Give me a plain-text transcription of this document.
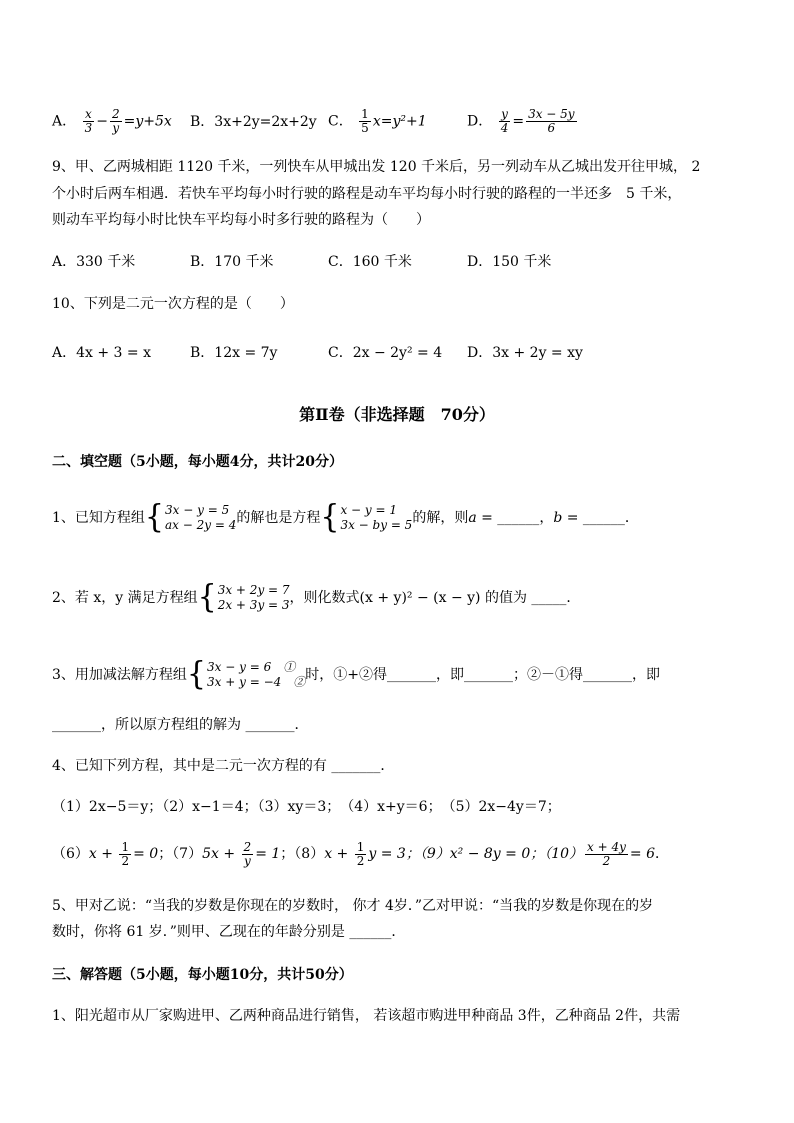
A． $\frac{x}{3} - \frac{2}{y} =y+5x$ B．3x+2y=2x+2y C． $\frac{1}{5} x=y^2+1$	D． $\frac{y}{4} = \frac{3x - 5y}{6}$
9、甲、乙两城相距 1120 千米，一列快车从甲城出发 120 千米后，另一列动车从乙城出发开往甲城， 2
个小时后两车相遇．若快车平均每小时行驶的路程是动车平均每小时行驶的路程的一半还多　5 千米，
则动车平均每小时比快车平均每小时多行驶的路程为（　　）
A．330 千米	B．170 千米	C．160 千米	D．150 千米
10、下列是二元一次方程的是（　　）
A．4x + 3 = x	B．12x = 7y	C．2x − 2y² = 4 D．3x + 2y = xy
第Ⅱ卷（非选择题　70分）
二、填空题（5小题，每小题4分，共计20分）
1、已知方程组 { 3x − y = 5
ax − 2y = 4 的解也是方程 { x − y = 1
3x − by = 5 的解，则a = ______，b = ______．
2、若 x，y 满足方程组 { 3x + 2y = 7
2x + 3y = 3 ，则化数式(x + y)² − (x − y) 的值为 _____．
3、用加减法解方程组 { 3x − y = 6　①
3x + y = −4　② 时，①+②得_______，即_______；②－①得_______，即
_______，所以原方程组的解为 _______．
4、已知下列方程，其中是二元一次方程的有 _______．
（1）2x−5＝y；（2）x−1＝4；（3）xy＝3；　（4）x+y＝6；　（5）2x−4y＝7；
$(6)x + \frac{1}{2} = 0$；$(7)5x + \frac{2}{y} = 1$；$(8)x + \frac{1}{2}$ y = 3；（9）x² − 8y = 0；$(10) \frac{x + 4y}{2} = 6$．
5、甲对乙说：“当我的岁数是你现在的岁数时， 你才 4岁．”乙对甲说：“当我的岁数是你现在的岁
数时，你将 61 岁．”则甲、乙现在的年龄分别是 ______．
三、解答题（5小题，每小题10分，共计50分）
1、阳光超市从厂家购进甲、乙两种商品进行销售， 若该超市购进甲种商品 3件，乙种商品 2件，共需
